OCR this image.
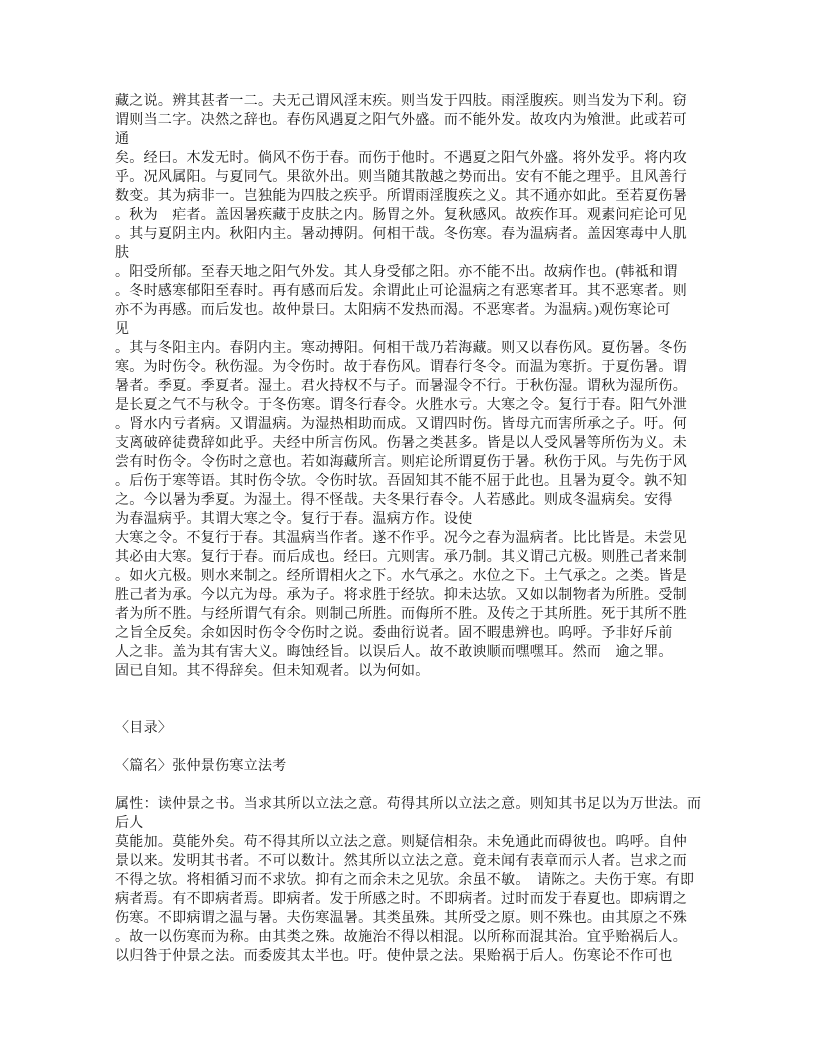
藏之说。辨其甚者一二。夫无己谓风淫末疾。则当发于四肢。雨淫腹疾。则当发为下利。窃
谓则当二字。决然之辞也。春伤风遇夏之阳气外盛。而不能外发。故攻内为飧泄。此或若可
通
矣。经曰。木发无时。倘风不伤于春。而伤于他时。不遇夏之阳气外盛。将外发乎。将内攻
乎。况风属阳。与夏同气。果欲外出。则当随其散越之势而出。安有不能之理乎。且风善行
数变。其为病非一。岂独能为四肢之疾乎。所谓雨淫腹疾之义。其不通亦如此。至若夏伤暑
。秋为　疟者。盖因暑疾藏于皮肤之内。肠胃之外。复秋感风。故疾作耳。观素问疟论可见
。其与夏阴主内。秋阳内主。暑动搏阴。何相干哉。冬伤寒。春为温病者。盖因寒毒中人肌
肤
。阳受所郁。至春天地之阳气外发。其人身受郁之阳。亦不能不出。故病作也。(韩祗和谓
。冬时感寒郁阳至春时。再有感而后发。余谓此止可论温病之有恶寒者耳。其不恶寒者。则
亦不为再感。而后发也。故仲景曰。太阳病不发热而渴。不恶寒者。为温病。)观伤寒论可
见
。其与冬阳主内。春阴内主。寒动搏阳。何相干哉乃若海藏。则又以春伤风。夏伤暑。冬伤
寒。为时伤令。秋伤湿。为令伤时。故于春伤风。谓春行冬令。而温为寒折。于夏伤暑。谓
暑者。季夏。季夏者。湿土。君火持权不与子。而暑湿令不行。于秋伤湿。谓秋为湿所伤。
是长夏之气不与秋令。于冬伤寒。谓冬行春令。火胜水亏。大寒之令。复行于春。阳气外泄
。肾水内亏者病。又谓温病。为湿热相助而成。又谓四时伤。皆母亢而害所承之子。吁。何
支离破碎徒费辞如此乎。夫经中所言伤风。伤暑之类甚多。皆是以人受风暑等所伤为义。未
尝有时伤令。令伤时之意也。若如海藏所言。则疟论所谓夏伤于暑。秋伤于风。与先伤于风
。后伤于寒等语。其时伤令欤。令伤时欤。吾固知其不能不屈于此也。且暑为夏令。孰不知
之。今以暑为季夏。为湿土。得不怪哉。夫冬果行春令。人若感此。则成冬温病矣。安得
为春温病乎。其谓大寒之令。复行于春。温病方作。设使
大寒之令。不复行于春。其温病当作者。遂不作乎。况今之春为温病者。比比皆是。未尝见
其必由大寒。复行于春。而后成也。经曰。亢则害。承乃制。其义谓己亢极。则胜己者来制
。如火亢极。则水来制之。经所谓相火之下。水气承之。水位之下。土气承之。之类。皆是
胜己者为承。今以亢为母。承为子。将求胜于经欤。抑未达欤。又如以制物者为所胜。受制
者为所不胜。与经所谓气有余。则制己所胜。而侮所不胜。及传之于其所胜。死于其所不胜
之旨全反矣。余如因时伤令令伤时之说。委曲衍说者。固不暇患辨也。呜呼。予非好斥前
人之非。盖为其有害大义。晦蚀经旨。以误后人。故不敢谀顺而嘿嘿耳。然而　逾之罪。
固已自知。其不得辞矣。但未知观者。以为何如。
〈目录〉
〈篇名〉张仲景伤寒立法考
属性：读仲景之书。当求其所以立法之意。苟得其所以立法之意。则知其书足以为万世法。而
后人
莫能加。莫能外矣。苟不得其所以立法之意。则疑信相杂。未免通此而碍彼也。呜呼。自仲
景以来。发明其书者。不可以数计。然其所以立法之意。竟未闻有表章而示人者。岂求之而
不得之欤。将相循习而不求欤。抑有之而余未之见欤。余虽不敏。　请陈之。夫伤于寒。有即
病者焉。有不即病者焉。即病者。发于所感之时。不即病者。过时而发于春夏也。即病谓之
伤寒。不即病谓之温与暑。夫伤寒温暑。其类虽殊。其所受之原。则不殊也。由其原之不殊
。故一以伤寒而为称。由其类之殊。故施治不得以相混。以所称而混其治。宜乎贻祸后人。
以归咎于仲景之法。而委废其太半也。吁。使仲景之法。果贻祸于后人。伤寒论不作可也
